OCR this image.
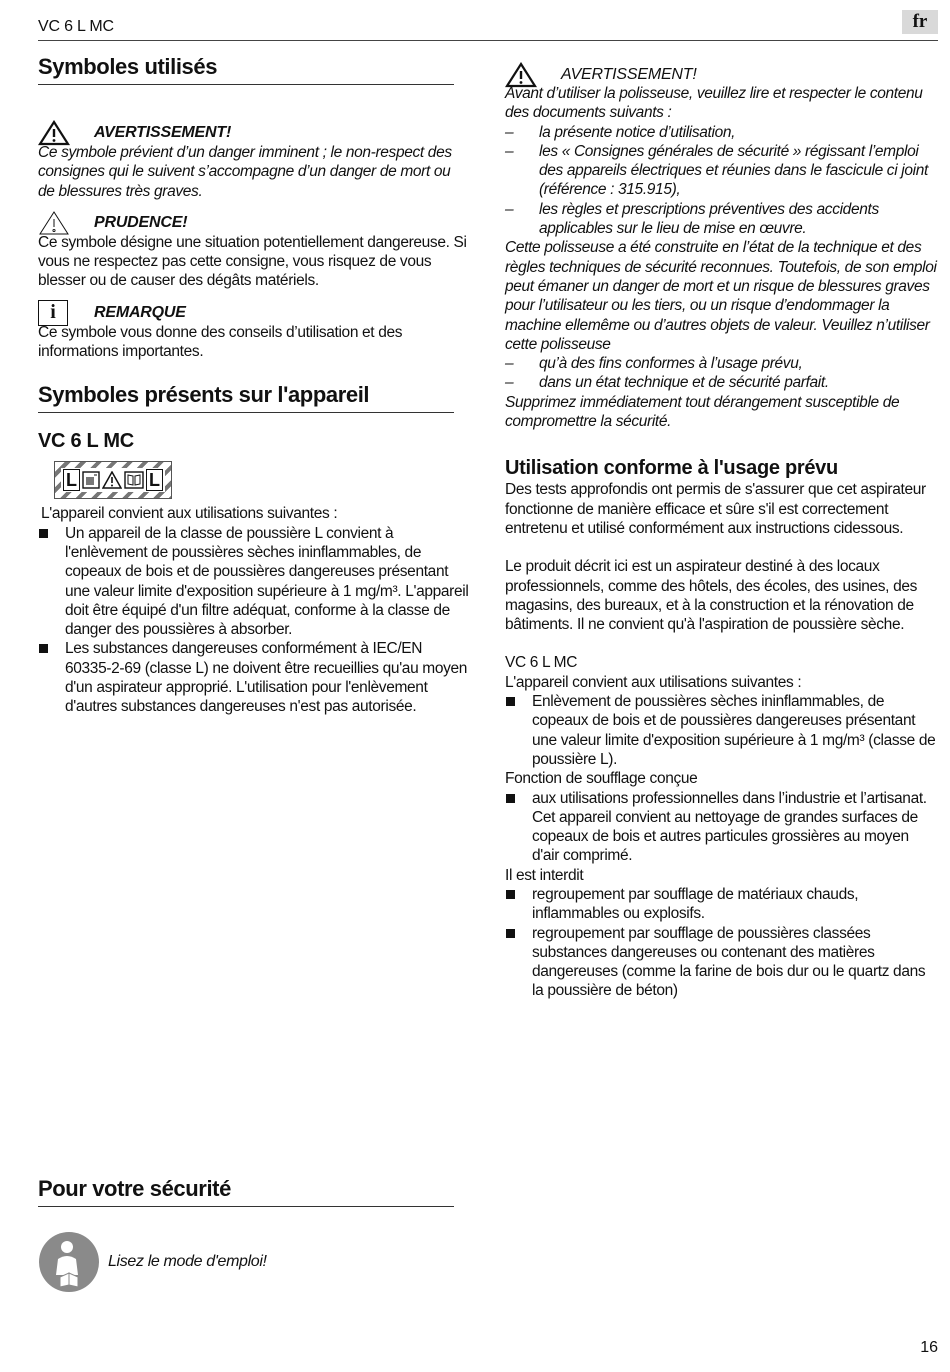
VC 6 L MC	fr
Symboles utilisés
AVERTISSEMENT!

Ce symbole prévient d’un danger imminent ; le non-respect des consignes qui le suivent s’accompagne d’un danger de mort ou de blessures très graves.

PRUDENCE!

Ce symbole désigne une situation potentiellement dangereuse. Si vous ne respectez pas cette consigne, vous risquez de vous blesser ou de causer des dégâts matériels.

i	REMARQUE

Ce symbole vous donne des conseils d’utilisation et des informations importantes.

Symboles présents sur l'appareil
VC 6 L MC
L	L

L'appareil convient aux utilisations suivantes :

Un appareil de la classe de poussière L convient à l'enlèvement de poussières sèches ininflammables, de copeaux de bois et de poussières dangereuses présentant une valeur limite d'exposition supérieure à 1 mg/m³. L'appareil doit être équipé d'un filtre adéquat, conforme à la classe de danger des poussières à absorber.
Les substances dangereuses conformément à IEC/EN 60335-2-69 (classe L) ne doivent être recueillies qu'au moyen d'un aspirateur approprié. L'utilisation pour l'enlèvement d'autres substances dangereuses n'est pas autorisée.
Pour votre sécurité
Lisez le mode d'emploi!
AVERTISSEMENT!

Avant d’utiliser la polisseuse, veuillez lire et respecter le contenu des documents suivants :

– la présente notice d’utilisation,
– les « Consignes générales de sécurité » régissant l’emploi des appareils électriques et réunies dans le fascicule ci joint (référence : 315.915),
– les règles et prescriptions préventives des accidents applicables sur le lieu de mise en œuvre.

Cette polisseuse a été construite en l’état de la technique et des règles techniques de sécurité reconnues. Toutefois, de son emploi peut émaner un danger de mort et un risque de blessures graves pour l’utilisateur ou les tiers, ou un risque d’endommager la machine ellemême ou d’autres objets de valeur. Veuillez n’utiliser cette polisseuse

– qu’à des fins conformes à l’usage prévu,
– dans un état technique et de sécurité parfait.

Supprimez immédiatement tout dérangement susceptible de compromettre la sécurité.

Utilisation conforme à l'usage prévu

Des tests approfondis ont permis de s'assurer que cet aspirateur fonctionne de manière efficace et sûre s'il est correctement entretenu et utilisé conformément aux instructions cidessous.

Le produit décrit ici est un aspirateur destiné à des locaux professionnels, comme des hôtels, des écoles, des usines, des magasins, des bureaux, et à la construction et la rénovation de bâtiments. Il ne convient qu'à l'aspiration de poussière sèche.

VC 6 L MC

L'appareil convient aux utilisations suivantes :

Enlèvement de poussières sèches ininflammables, de copeaux de bois et de poussières dangereuses présentant une valeur limite d'exposition supérieure à 1 mg/m³ (classe de poussière L).

Fonction de soufflage conçue

aux utilisations professionnelles dans l’industrie et l’artisanat. Cet appareil convient au nettoyage de grandes surfaces de copeaux de bois et autres particules grossières au moyen d'air comprimé.

Il est interdit

regroupement par soufflage de matériaux chauds, inflammables ou explosifs.
regroupement par soufflage de poussières classées substances dangereuses ou contenant des matières dangereuses (comme la farine de bois dur ou le quartz dans la poussière de béton)
16
